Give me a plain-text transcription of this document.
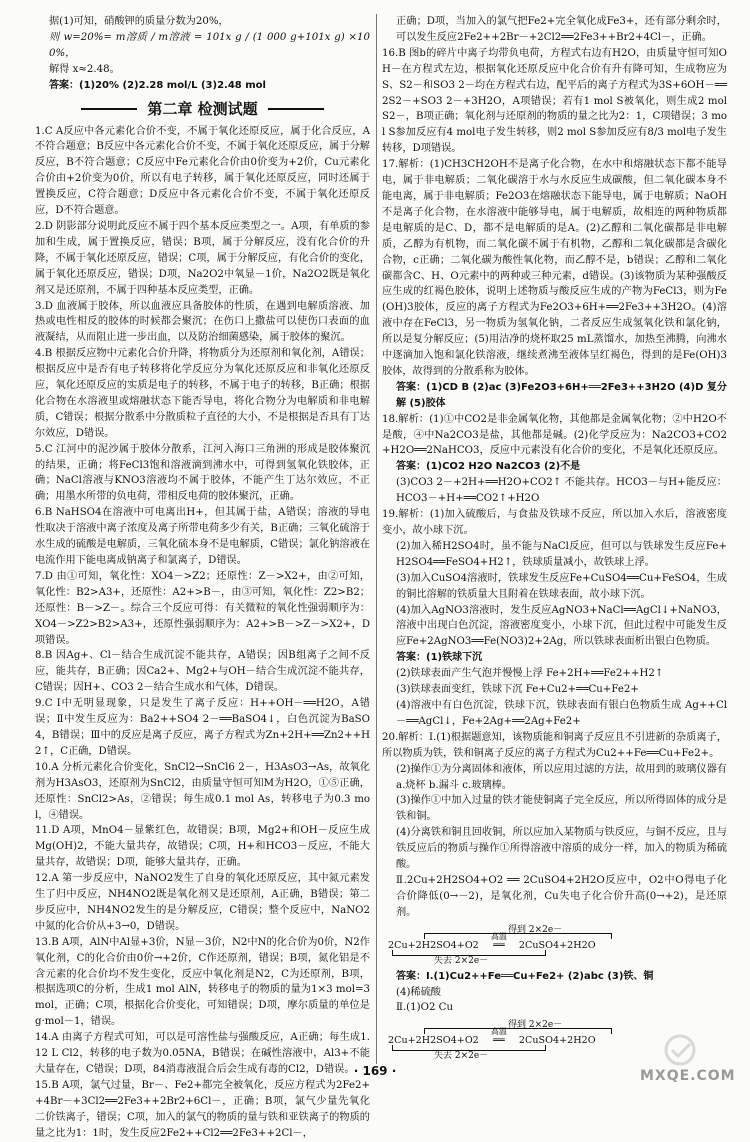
据(1)可知，硝酸钾的质量分数为20%，

则 w=20%= m溶质 / m溶液 = 101x g / (1 000 g+101x g) ×100%，

解得 x≈2.48。

答案：(1)20% (2)2.28 mol/L (3)2.48 mol

第二章 检测试题

1.C A反应中各元素化合价不变，不属于氧化还原反应，属于化合反应，A不符合题意；B反应中各元素化合价不变，不属于氧化还原反应，属于分解反应，B不符合题意；C反应中Fe元素化合价由0价变为+2价，Cu元素化合价由+2价变为0价，所以有电子转移，属于氧化还原反应，同时还属于置换反应，C符合题意；D反应中各元素化合价不变，不属于氧化还原反应，D不符合题意。

2.D 阴影部分说明此反应不属于四个基本反应类型之一。A项，有单质的参加和生成，属于置换反应，错误；B项，属于分解反应，没有化合价的升降，不属于氧化还原反应，错误；C项，属于分解反应，有化合价的变化，属于氧化还原反应，错误；D项，Na2O2中氧显－1价，Na2O2既是氧化剂又是还原剂，不属于四种基本反应类型，正确。

3.D 血液属于胶体，所以血液应具备胶体的性质，在遇到电解质溶液、加热或电性相反的胶体的时候都会聚沉；在伤口上撒盐可以使伤口表面的血液凝结，从而阻止进一步出血，以及防治细菌感染，属于胶体的聚沉。

4.B 根据反应物中元素化合价升降，将物质分为还原剂和氧化剂，A错误；根据反应中是否有电子转移将化学反应分为氧化还原反应和非氧化还原反应，氧化还原反应的实质是电子的转移，不属于电子的转移，B正确；根据化合物在水溶液里或熔融状态下能否导电，将化合物分为电解质和非电解质，C错误；根据分散系中分散质粒子直径的大小，不是根据是否具有丁达尔效应，D错误。

5.C 江河中的泥沙属于胶体分散系，江河入海口三角洲的形成是胶体聚沉的结果，正确；将FeCl3饱和溶液滴到沸水中，可得到氢氧化铁胶体，正确；NaCl溶液与KNO3溶液均不属于胶体，不能产生丁达尔效应，不正确；用墨水所带的负电荷，带相反电荷的胶体聚沉，正确。

6.B NaHSO4在溶液中可电离出H+，但其属于盐，A错误；溶液的导电性取决于溶液中离子浓度及离子所带电荷多少有关，B正确；三氧化硫溶于水生成的硫酸是电解质，三氧化硫本身不是电解质，C错误；氯化钠溶液在电流作用下能电离成钠离子和氯离子，D错误。

7.D 由①可知，氧化性：XO4－>Z2；还原性：Z－>X2+，由②可知，氧化性：B2>A3+，还原性：A2+>B－，由③可知，氧化性：Z2>B2；还原性：B－>Z－。综合三个反应可得：有关微粒的氧化性强弱顺序为：XO4－>Z2>B2>A3+，还原性强弱顺序为：A2+>B－>Z－>X2+，D项错误。

8.B 因Ag+、Cl－结合生成沉淀不能共存，A错误；因B组离子之间不反应，能共存，B正确；因Ca2+、Mg2+与OH－结合生成沉淀不能共存，C错误；因H+、CO3 2－结合生成水和气体，D错误。

9.C Ⅰ中无明显现象，只是发生了离子反应：H++OH－══H2O，A错误；Ⅱ中发生反应为：Ba2++SO4 2－══BaSO4↓，白色沉淀为BaSO4，B错误；Ⅲ中的反应是离子反应，离子方程式为Zn+2H+══Zn2++H2↑，C正确，D错误。

10.A 分析元素化合价变化，SnCl2→SnCl6 2－，H3AsO3→As，故氧化剂为H3AsO3，还原剂为SnCl2，由质量守恒可知M为H2O，①⑤正确，还原性：SnCl2>As，②错误；每生成0.1 mol As，转移电子为0.3 mol，④错误。

11.D A项，MnO4－显紫红色，故错误；B项，Mg2+和OH－反应生成Mg(OH)2，不能大量共存，故错误；C项，H+和HCO3－反应，不能大量共存，故错误；D项，能够大量共存，正确。

12.A 第一步反应中，NaNO2发生了自身的氧化还原反应，其中氮元素发生了归中反应，NH4NO2既是氧化剂又是还原剂，A正确，B错误；第二步反应中，NH4NO2发生的是分解反应，C错误；整个反应中，NaNO2中氮的化合价从+3→0，D错误。

13.B A项，AlN中Al显+3价，N显－3价，N2中N的化合价为0价，N2作氧化剂，C的化合价由0价→+2价，C作还原剂，错误；B项，氮化铝是不含元素的化合价均不发生变化，反应中氧化剂是N2，C为还原剂，B项，根据选项C的分析，生成1 mol AlN，转移电子的物质的量为1×3 mol=3 mol，正确；C项，根据化合价变化，可知错误；D项，摩尔质量的单位是g·mol－1，错误。

14.A 由离子方程式可知，可以是可溶性盐与强酸反应，A正确；每生成1.12 L Cl2，转移的电子数为0.05NA，B错误；在碱性溶液中，Al3+不能大量存在，C错误；D项，84消毒液混合后会生成有毒的Cl2，D错误。

15.B A项，氯气过量，Br－、Fe2+都完全被氧化，反应方程式为2Fe2++4Br－+3Cl2══2Fe3++2Br2+6Cl－，正确；B项，氯气少量先氧化二价铁离子，错误；C项，加入的氯气的物质的量与铁和亚铁离子的物质的量之比为1：1时，发生反应2Fe2++Cl2══2Fe3++2Cl－，

正确；D项，当加入的氯气把Fe2+完全氧化成Fe3+，还有部分剩余时，可以发生反应2Fe2++2Br－+2Cl2══2Fe3++Br2+4Cl－，正确。

16.B 图b的碎片中离子均带负电荷，方程式右边有H2O，由质量守恒可知OH－在方程式左边，根据氧化还原反应中化合价有升有降可知，生成物应为S、S2－和SO3 2－均在方程式右边，配平后的离子方程式为3S+6OH－══2S2－+SO3 2－+3H2O，A项错误；若有1 mol S被氧化，则生成2 mol S2－，B项正确；氧化剂与还原剂的物质的量之比为2：1，C项错误；3 mol S参加反应有4 mol电子发生转移，则2 mol S参加反应有8/3 mol电子发生转移，D项错误。

17.解析：(1)CH3CH2OH不是离子化合物，在水中和熔融状态下都不能导电，属于非电解质；二氧化碳溶于水与水反应生成碳酸，但二氧化碳本身不能电离，属于非电解质；Fe2O3在熔融状态下能导电，属于电解质；NaOH不是离子化合物，在水溶液中能够导电，属于电解质，故相连的两种物质都是电解质的是C、D，都不是电解质的是A。(2)乙醇和二氧化碳都是非电解质，乙醇为有机物，而二氧化碳不属于有机物，乙醇和二氧化碳都是含碳化合物，c正确；二氧化碳为酸性氧化物，而乙醇不是，b错误；乙醇和二氧化碳都含C、H、O元素中的两种或三种元素，d错误。(3)该物质为某种强酸反应生成的红褐色胶体，说明上述物质与酸反应生成的产物为FeCl3，则为Fe(OH)3胶体，反应的离子方程式为Fe2O3+6H+══2Fe3++3H2O。(4)溶液中存在FeCl3，另一物质为氢氧化钠，二者反应生成氢氧化铁和氯化钠，所以是复分解反应；(5)用洁净的烧杯取25 mL蒸馏水，加热至沸腾，向沸水中逐滴加入饱和氯化铁溶液，继续煮沸至液体呈红褐色，得到的是Fe(OH)3胶体，故得到的分散系称为胶体。

答案：(1)CD B (2)ac (3)Fe2O3+6H+══2Fe3++3H2O (4)D 复分解 (5)胶体

18.解析：(1)①中CO2是非金属氧化物，其他都是金属氧化物；②中H2O不是酸，④中Na2CO3是盐，其他都是碱。(2)化学反应为：Na2CO3+CO2+H2O══2NaHCO3，反应中元素没有化合价的变化，不是氧化还原反应。

答案：(1)CO2 H2O Na2CO3 (2)不是

(3)CO3 2－+2H+══H2O+CO2↑ 不能共存。HCO3－与H+能反应：HCO3－+H+══CO2↑+H2O

19.解析：(1)加入硫酸后，与食盐及铁球不反应，所以加入水后，溶液密度变小，故小球下沉。

(2)加入稀H2SO4时，虽不能与NaCl反应，但可以与铁球发生反应Fe+H2SO4══FeSO4+H2↑，铁球质量减小，故铁球上浮。

(3)加入CuSO4溶液时，铁球发生反应Fe+CuSO4══Cu+FeSO4，生成的铜比溶解的铁质量大且附着在铁球表面，故小球下沉。

(4)加入AgNO3溶液时，发生反应AgNO3+NaCl══AgCl↓+NaNO3，溶液中出现白色沉淀，溶液密度变小，小球下沉，但此过程中可能发生反应Fe+2AgNO3══Fe(NO3)2+2Ag，所以铁球表面析出银白色物质。

答案：(1)铁球下沉

(2)铁球表面产生气泡并慢慢上浮 Fe+2H+══Fe2++H2↑

(3)铁球表面变红，铁球下沉 Fe+Cu2+══Cu+Fe2+

(4)溶液中有白色沉淀，铁球下沉，铁球表面有银白色物质生成 Ag++Cl－══AgCl↓，Fe+2Ag+══2Ag+Fe2+

20.解析：Ⅰ.(1)根据题意知，该物质能和铜离子反应且不引进新的杂质离子，所以物质为铁，铁和铜离子反应的离子方程式为Cu2++Fe══Cu+Fe2+。

(2)操作①为分离固体和液体，所以应用过滤的方法，故用到的玻璃仪器有a.烧杯 b.漏斗 c.玻璃棒。

(3)操作①中加入过量的铁才能使铜离子完全反应，所以所得固体的成分是铁和铜。

(4)分离铁和铜且回收铜，所以应加入某物质与铁反应，与铜不反应，且与铁反应后的物质与操作①所得溶液中溶质的成分一样，加入的物质为稀硫酸。

Ⅱ.2Cu+2H2SO4+O2 ══ 2CuSO4+2H2O反应中，O2中O得电子化合价降低(0→－2)，是氧化剂，Cu失电子化合价升高(0→+2)，是还原剂。

得到 2×2e－
2Cu+2H2SO4+O2
高温
══ 2CuSO4+2H2O
失去 2×2e－

答案：Ⅰ.(1)Cu2++Fe══Cu+Fe2+ (2)abc (3)铁、铜

(4)稀硫酸

Ⅱ.(1)O2 Cu

得到 2×2e－
2Cu+2H2SO4+O2
高温
══ 2CuSO4+2H2O
失去 2×2e－
· 169 ·	MXQE.COM
